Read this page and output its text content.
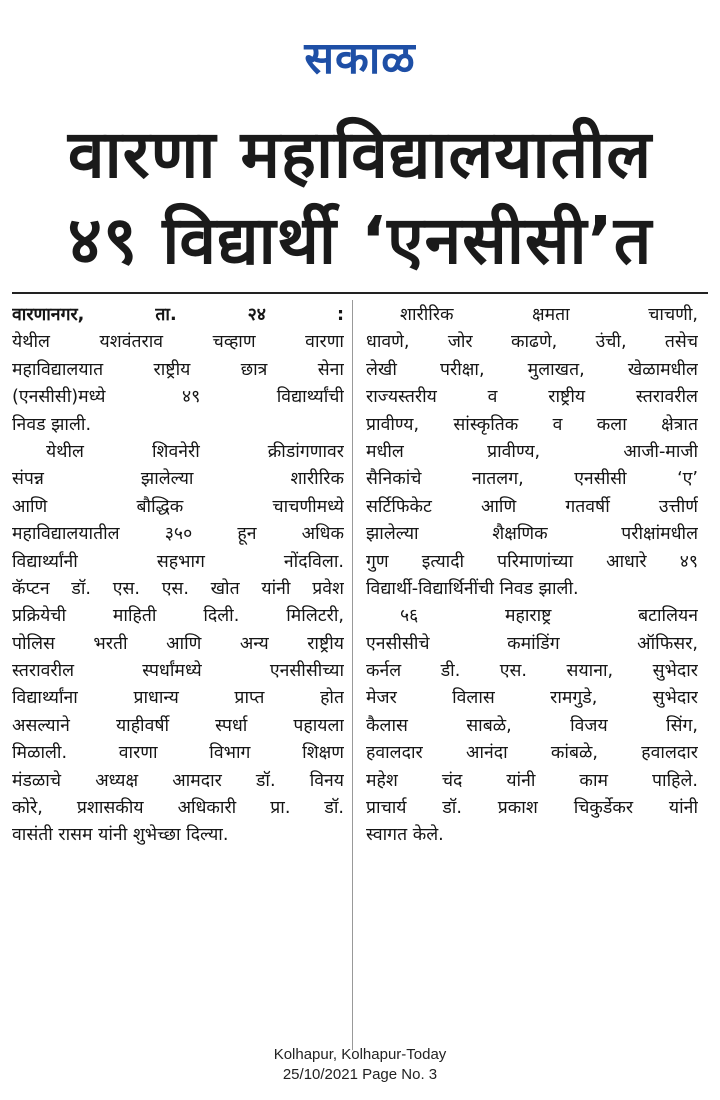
सकाळ
वारणा महाविद्यालयातील
४९ विद्यार्थी ‘एनसीसी’त
वारणानगर, ता. २४ :
येथील यशवंतराव चव्हाण वारणा
महाविद्यालयात राष्ट्रीय छात्र सेना
(एनसीसी)मध्ये ४९ विद्यार्थ्यांची
निवड झाली.
येथील शिवनेरी क्रीडांगणावर
संपन्न झालेल्या शारीरिक
आणि बौद्धिक चाचणीमध्ये
महाविद्यालयातील ३५० हून अधिक
विद्यार्थ्यांनी सहभाग नोंदविला.
कॅप्टन डॉ. एस. एस. खोत यांनी प्रवेश
प्रक्रियेची माहिती दिली. मिलिटरी,
पोलिस भरती आणि अन्य राष्ट्रीय
स्तरावरील स्पर्धांमध्ये एनसीसीच्या
विद्यार्थ्यांना प्राधान्य प्राप्त होत
असल्याने याहीवर्षी स्पर्धा पहायला
मिळाली. वारणा विभाग शिक्षण
मंडळाचे अध्यक्ष आमदार डॉ. विनय
कोरे, प्रशासकीय अधिकारी प्रा. डॉ.
वासंती रासम यांनी शुभेच्छा दिल्या.
शारीरिक क्षमता चाचणी,
धावणे, जोर काढणे, उंची, तसेच
लेखी परीक्षा, मुलाखत, खेळामधील
राज्यस्तरीय व राष्ट्रीय स्तरावरील
प्रावीण्य, सांस्कृतिक व कला क्षेत्रात
मधील प्रावीण्य, आजी-माजी
सैनिकांचे नातलग, एनसीसी ‘ए’
सर्टिफिकेट आणि गतवर्षी उत्तीर्ण
झालेल्या शैक्षणिक परीक्षांमधील
गुण इत्यादी परिमाणांच्या आधारे ४९
विद्यार्थी-विद्यार्थिनींची निवड झाली.
५६ महाराष्ट्र बटालियन
एनसीसीचे कमांडिंग ऑफिसर,
कर्नल डी. एस. सयाना, सुभेदार
मेजर विलास रामगुडे, सुभेदार
कैलास साबळे, विजय सिंग,
हवालदार आनंदा कांबळे, हवालदार
महेश चंद यांनी काम पाहिले.
प्राचार्य डॉ. प्रकाश चिकुर्डेकर यांनी
स्वागत केले.
Kolhapur, Kolhapur-Today
25/10/2021 Page No. 3
